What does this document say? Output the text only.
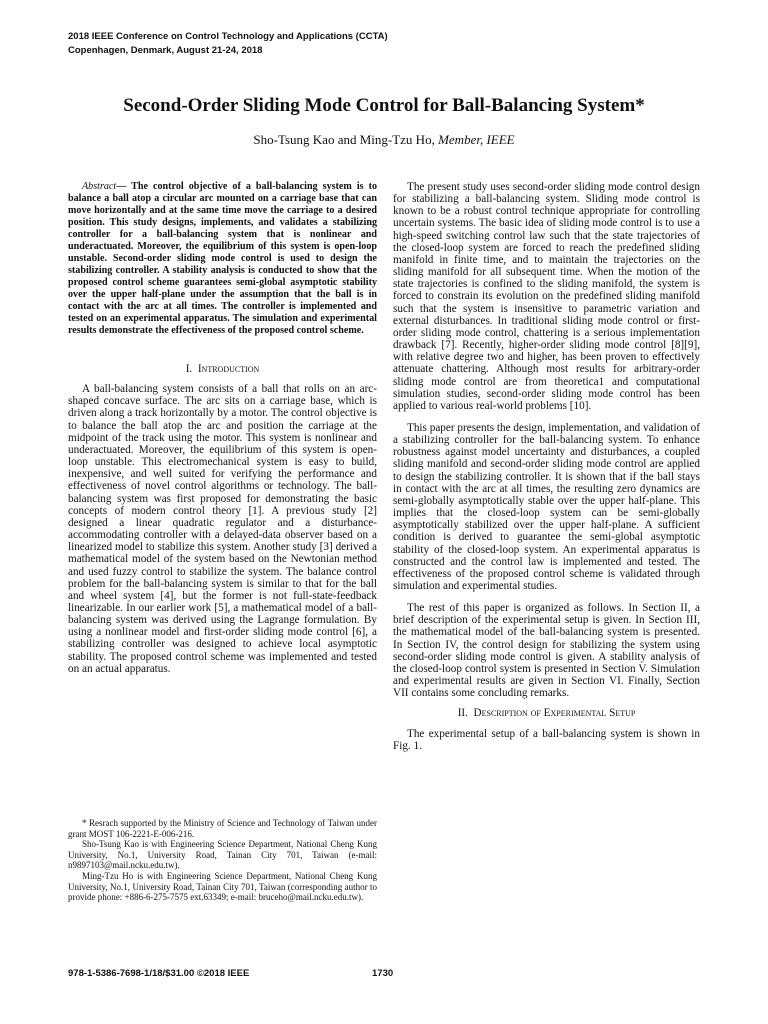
2018 IEEE Conference on Control Technology and Applications (CCTA)
Copenhagen, Denmark, August 21-24, 2018
Second-Order Sliding Mode Control for Ball-Balancing System*
Sho-Tsung Kao and Ming-Tzu Ho, Member, IEEE

Abstract— The control objective of a ball-balancing system is to balance a ball atop a circular arc mounted on a carriage base that can move horizontally and at the same time move the carriage to a desired position. This study designs, implements, and validates a stabilizing controller for a ball-balancing system that is nonlinear and underactuated. Moreover, the equilibrium of this system is open-loop unstable. Second-order sliding mode control is used to design the stabilizing controller. A stability analysis is conducted to show that the proposed control scheme guarantees semi-global asymptotic stability over the upper half-plane under the assumption that the ball is in contact with the arc at all times. The controller is implemented and tested on an experimental apparatus. The simulation and experimental results demonstrate the effectiveness of the proposed control scheme.

I. Introduction

A ball-balancing system consists of a ball that rolls on an arc-shaped concave surface. The arc sits on a carriage base, which is driven along a track horizontally by a motor. The control objective is to balance the ball atop the arc and position the carriage at the midpoint of the track using the motor. This system is nonlinear and underactuated. Moreover, the equilibrium of this system is open-loop unstable. This electromechanical system is easy to build, inexpensive, and well suited for verifying the performance and effectiveness of novel control algorithms or technology. The ball-balancing system was first proposed for demonstrating the basic concepts of modern control theory [1]. A previous study [2] designed a linear quadratic regulator and a disturbance-accommodating controller with a delayed-data observer based on a linearized model to stabilize this system. Another study [3] derived a mathematical model of the system based on the Newtonian method and used fuzzy control to stabilize the system. The balance control problem for the ball-balancing system is similar to that for the ball and wheel system [4], but the former is not full-state-feedback linearizable. In our earlier work [5], a mathematical model of a ball-balancing system was derived using the Lagrange formulation. By using a nonlinear model and first-order sliding mode control [6], a stabilizing controller was designed to achieve local asymptotic stability. The proposed control scheme was implemented and tested on an actual apparatus.

The present study uses second-order sliding mode control design for stabilizing a ball-balancing system. Sliding mode control is known to be a robust control technique appropriate for controlling uncertain systems. The basic idea of sliding mode control is to use a high-speed switching control law such that the state trajectories of the closed-loop system are forced to reach the predefined sliding manifold in finite time, and to maintain the trajectories on the sliding manifold for all subsequent time. When the motion of the state trajectories is confined to the sliding manifold, the system is forced to constrain its evolution on the predefined sliding manifold such that the system is insensitive to parametric variation and external disturbances. In traditional sliding mode control or first-order sliding mode control, chattering is a serious implementation drawback [7]. Recently, higher-order sliding mode control [8][9], with relative degree two and higher, has been proven to effectively attenuate chattering. Although most results for arbitrary-order sliding mode control are from theoretica1 and computational simulation studies, second-order sliding mode control has been applied to various real-world problems [10].

This paper presents the design, implementation, and validation of a stabilizing controller for the ball-balancing system. To enhance robustness against model uncertainty and disturbances, a coupled sliding manifold and second-order sliding mode control are applied to design the stabilizing controller. It is shown that if the ball stays in contact with the arc at all times, the resulting zero dynamics are semi-globally asymptotically stable over the upper half-plane. This implies that the closed-loop system can be semi-globally asymptotically stabilized over the upper half-plane. A sufficient condition is derived to guarantee the semi-global asymptotic stability of the closed-loop system. An experimental apparatus is constructed and the control law is implemented and tested. The effectiveness of the proposed control scheme is validated through simulation and experimental studies.

The rest of this paper is organized as follows. In Section II, a brief description of the experimental setup is given. In Section III, the mathematical model of the ball-balancing system is presented. In Section IV, the control design for stabilizing the system using second-order sliding mode control is given. A stability analysis of the closed-loop control system is presented in Section V. Simulation and experimental results are given in Section VI. Finally, Section VII contains some concluding remarks.

II. Description of Experimental Setup

The experimental setup of a ball-balancing system is shown in Fig. 1.

* Resrach supported by the Ministry of Science and Technology of Taiwan under grant MOST 106-2221-E-006-216.

Sho-Tsung Kao is with Engineering Science Department, National Cheng Kung University, No.1, University Road, Tainan City 701, Taiwan (e-mail: n9897103@mail.ncku.edu.tw).

Ming-Tzu Ho is with Engineering Science Department, National Cheng Kung University, No.1, University Road, Tainan City 701, Taiwan (corresponding author to provide phone: +886-6-275-7575 ext.63349; e-mail: bruceho@mail.ncku.edu.tw).

978-1-5386-7698-1/18/$31.00 ©2018 IEEE	1730
